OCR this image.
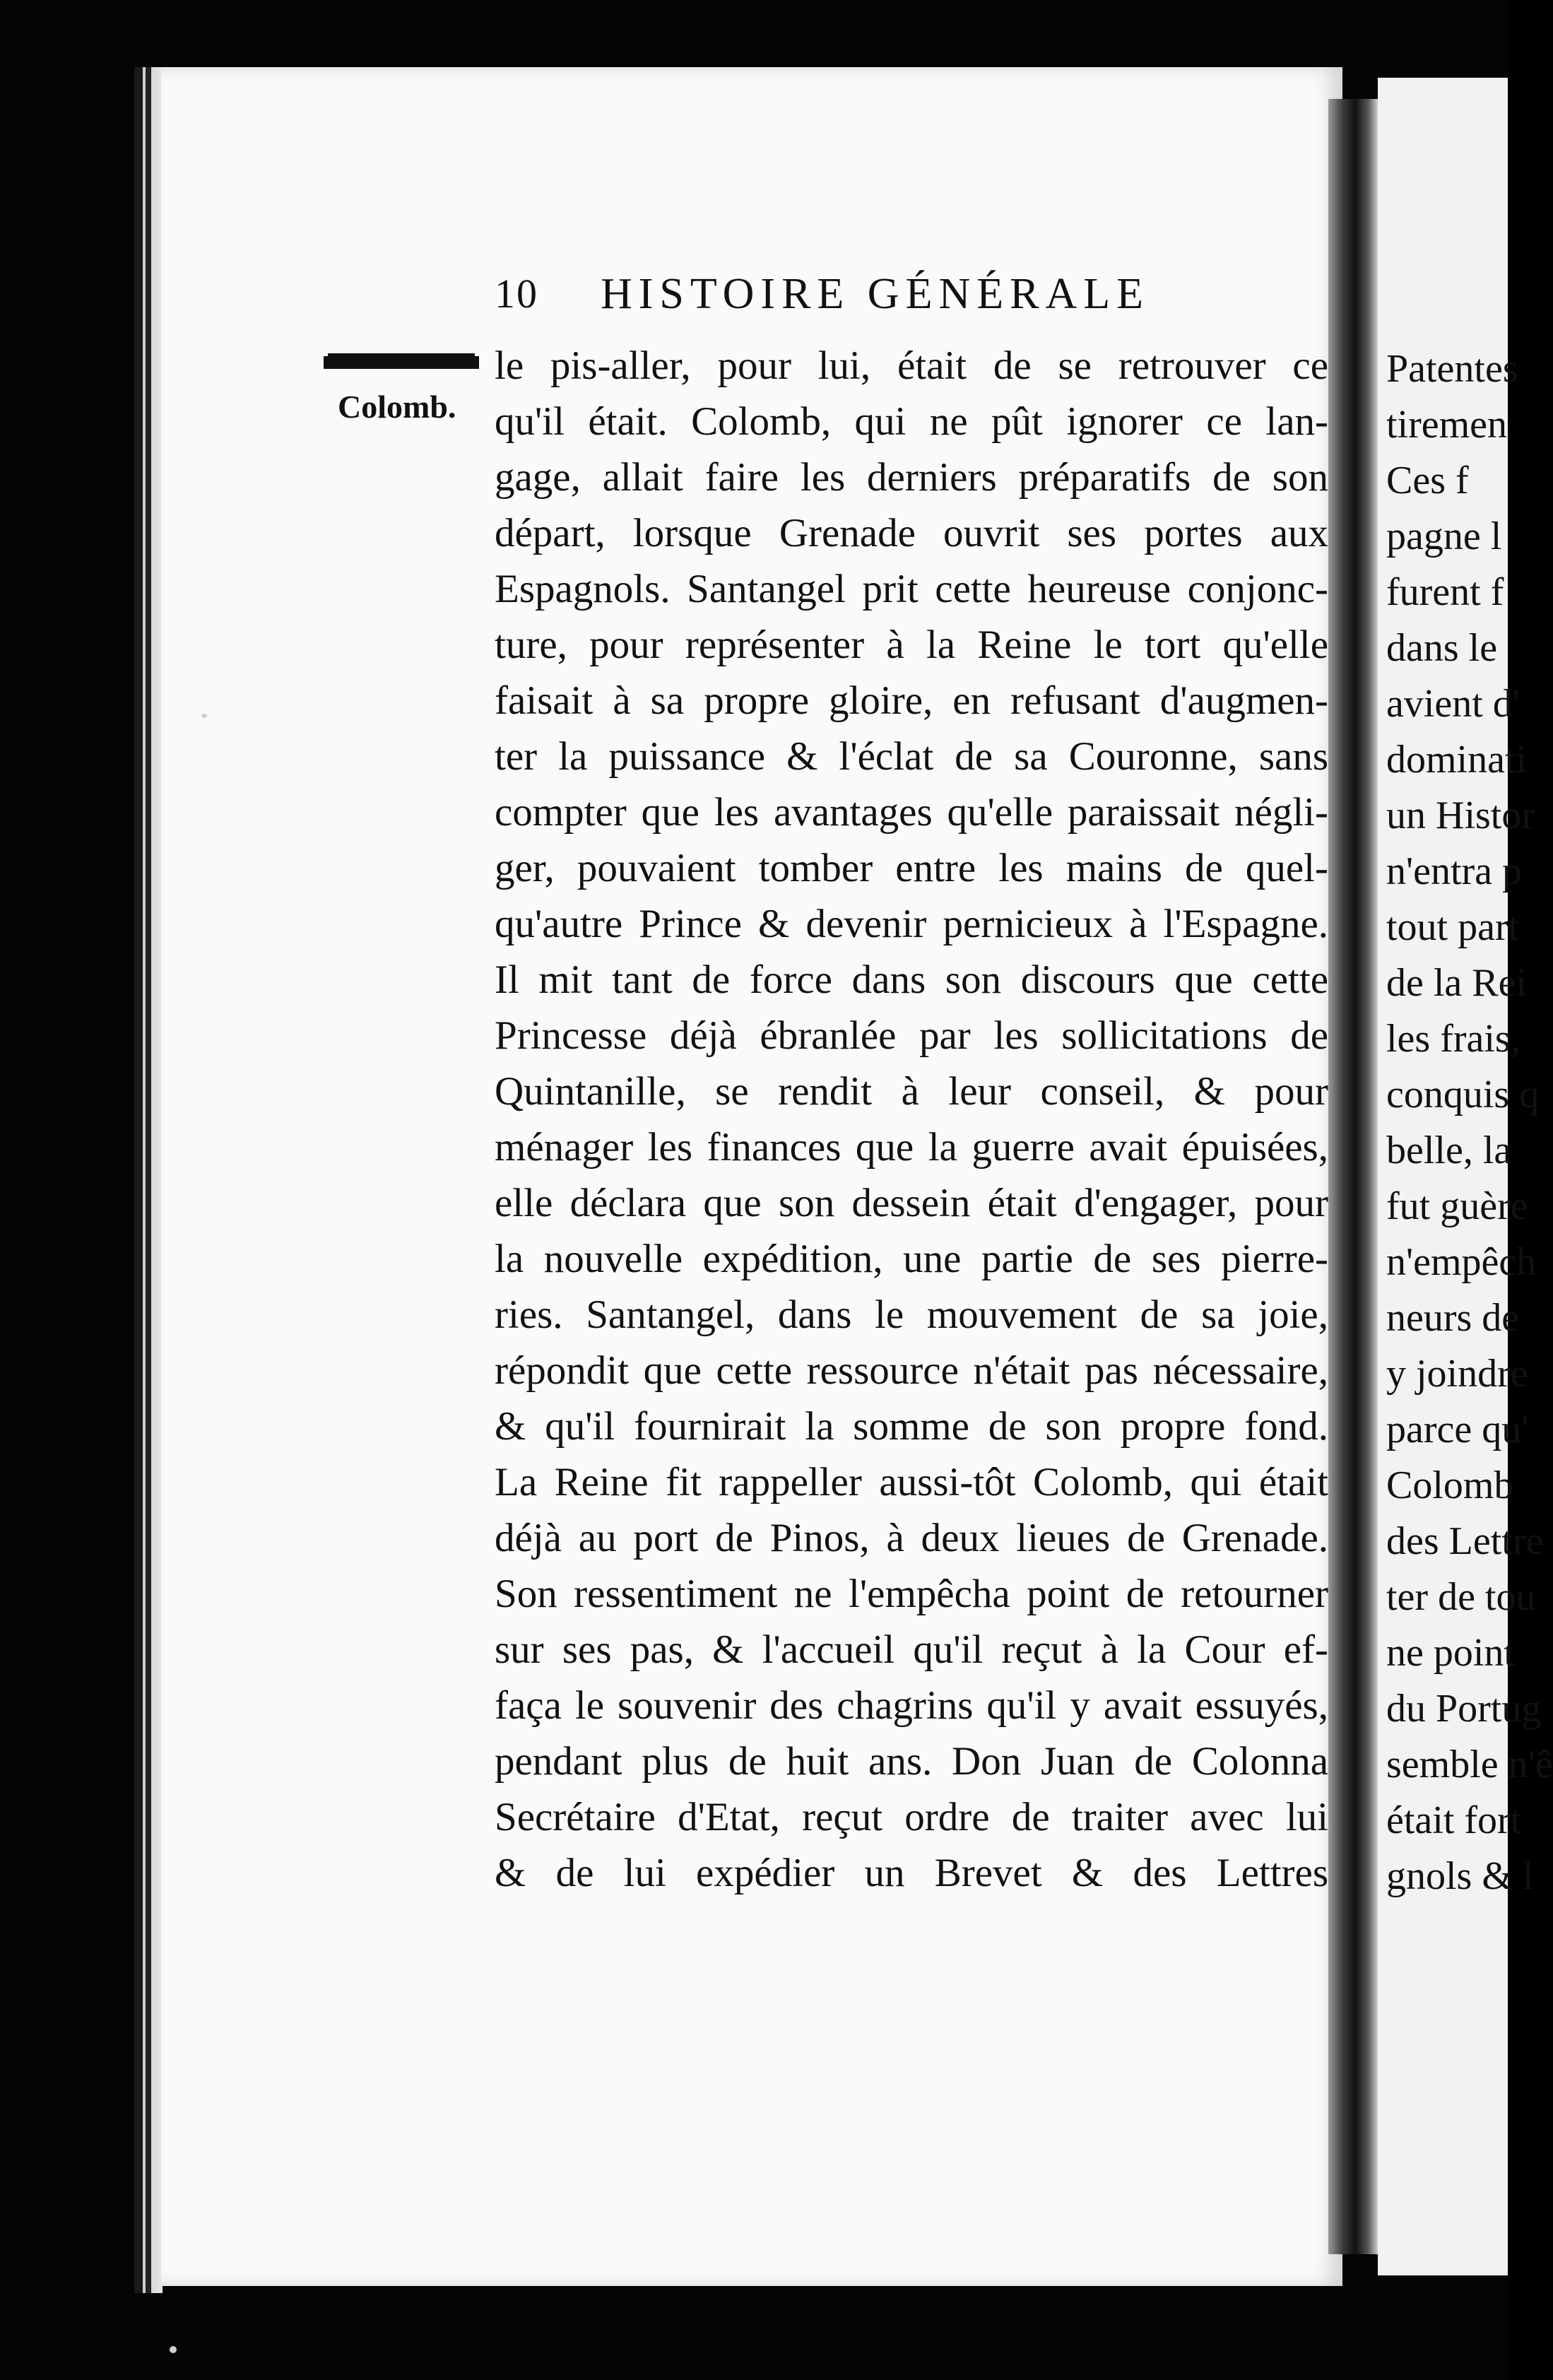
10 HISTOIRE GÉNÉRALE
Colomb.
le pis-aller, pour lui, était de se retrouver ce
qu'il était. Colomb, qui ne pût ignorer ce lan-
gage, allait faire les derniers préparatifs de son
départ, lorsque Grenade ouvrit ses portes aux
Espagnols. Santangel prit cette heureuse conjonc-
ture, pour représenter à la Reine le tort qu'elle
faisait à sa propre gloire, en refusant d'augmen-
ter la puissance & l'éclat de sa Couronne, sans
compter que les avantages qu'elle paraissait négli-
ger, pouvaient tomber entre les mains de quel-
qu'autre Prince & devenir pernicieux à l'Espagne.
Il mit tant de force dans son discours que cette
Princesse déjà ébranlée par les sollicitations de
Quintanille, se rendit à leur conseil, & pour
ménager les finances que la guerre avait épuisées,
elle déclara que son dessein était d'engager, pour
la nouvelle expédition, une partie de ses pierre-
ries. Santangel, dans le mouvement de sa joie,
répondit que cette ressource n'était pas nécessaire,
& qu'il fournirait la somme de son propre fond.
La Reine fit rappeller aussi-tôt Colomb, qui était
déjà au port de Pinos, à deux lieues de Grenade.
Son ressentiment ne l'empêcha point de retourner
sur ses pas, & l'accueil qu'il reçut à la Cour ef-
façа le souvenir des chagrins qu'il y avait essuyés,
pendant plus de huit ans. Don Juan de Colonna
Secrétaire d'Etat, reçut ordre de traiter avec lui
& de lui expédier un Brevet & des Lettres
Patentes
tiremen
Ces f
pagne l
furent f
dans le
avient d'
dominati
un Histor
n'entra p
tout part
de la Rei
les frais,
conquis q
belle, la
fut guère
n'empêch
neurs de
y joindre
parce qu'
Colomb
des Lettre
ter de tou
ne point
du Portug
semble n'ê
était fort
gnols & l
